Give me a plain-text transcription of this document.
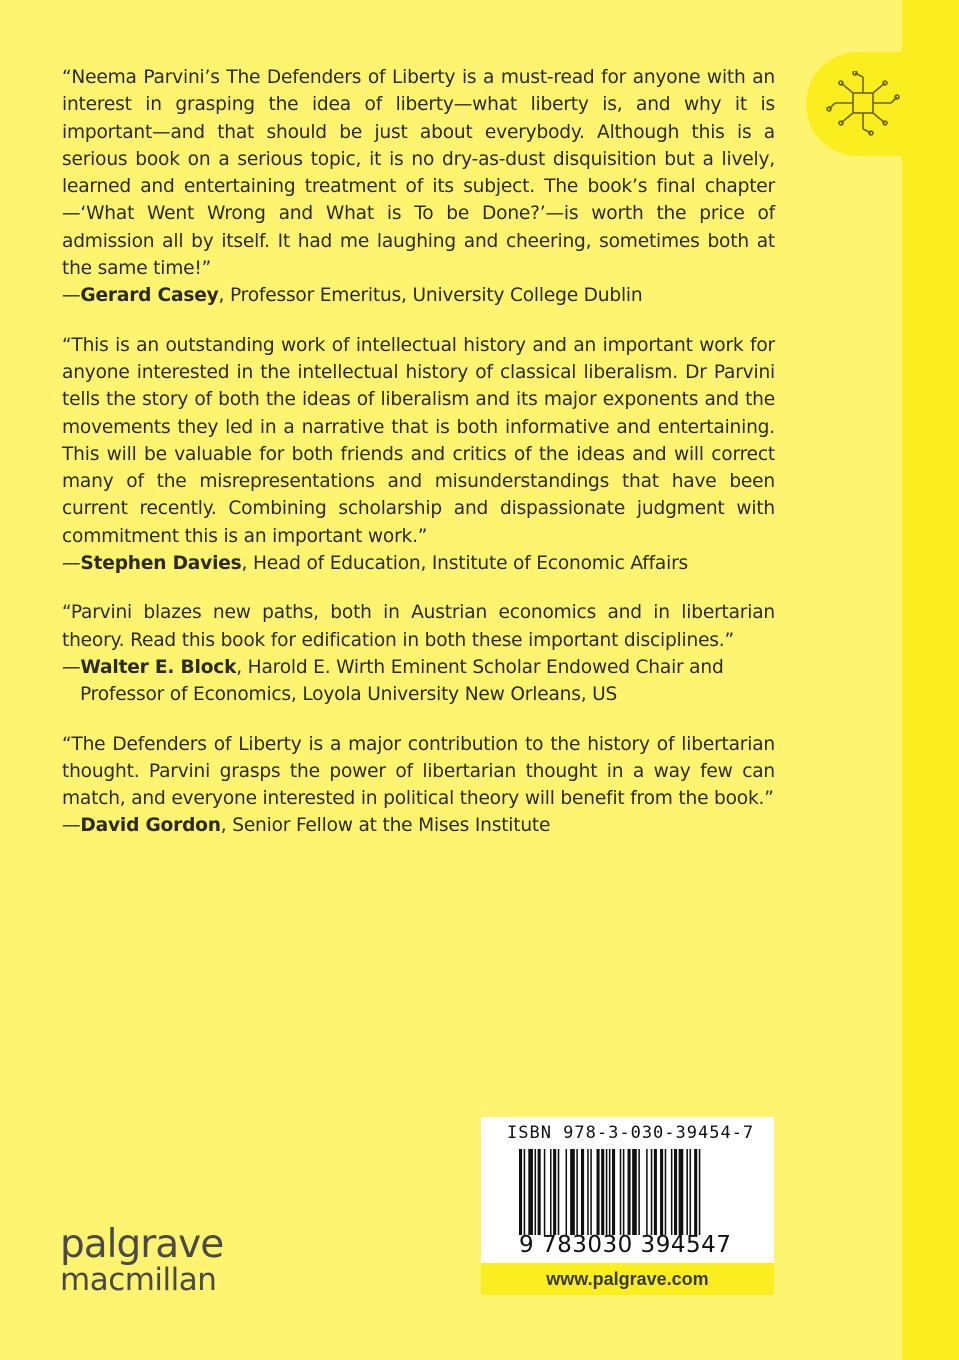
“Neema Parvini’s The Defenders of Liberty is a must-read for anyone with an interest in grasping the idea of liberty—what liberty is, and why it is important—and that should be just about everybody. Although this is a serious book on a serious topic, it is no dry-as-dust disquisition but a lively, learned and entertaining treatment of its subject. The book’s final chapter—‘What Went Wrong and What is To be Done?’—is worth the price of admission all by itself. It had me laughing and cheering, sometimes both at the same time!”
—Gerard Casey, Professor Emeritus, University College Dublin
“This is an outstanding work of intellectual history and an important work for anyone interested in the intellectual history of classical liberalism. Dr Parvini tells the story of both the ideas of liberalism and its major exponents and the movements they led in a narrative that is both informative and entertaining. This will be valuable for both friends and critics of the ideas and will correct many of the misrepresentations and misunderstandings that have been current recently. Combining scholarship and dispassionate judgment with commitment this is an important work.”
—Stephen Davies, Head of Education, Institute of Economic Affairs
“Parvini blazes new paths, both in Austrian economics and in libertarian theory. Read this book for edification in both these important disciplines.”
—Walter E. Block, Harold E. Wirth Eminent Scholar Endowed Chair and Professor of Economics, Loyola University New Orleans, US
“The Defenders of Liberty is a major contribution to the history of libertarian thought. Parvini grasps the power of libertarian thought in a way few can match, and everyone interested in political theory will benefit from the book.”
—David Gordon, Senior Fellow at the Mises Institute
ISBN 978-3-030-39454-7
9 783030 394547
www.palgrave.com
palgrave
macmillan
